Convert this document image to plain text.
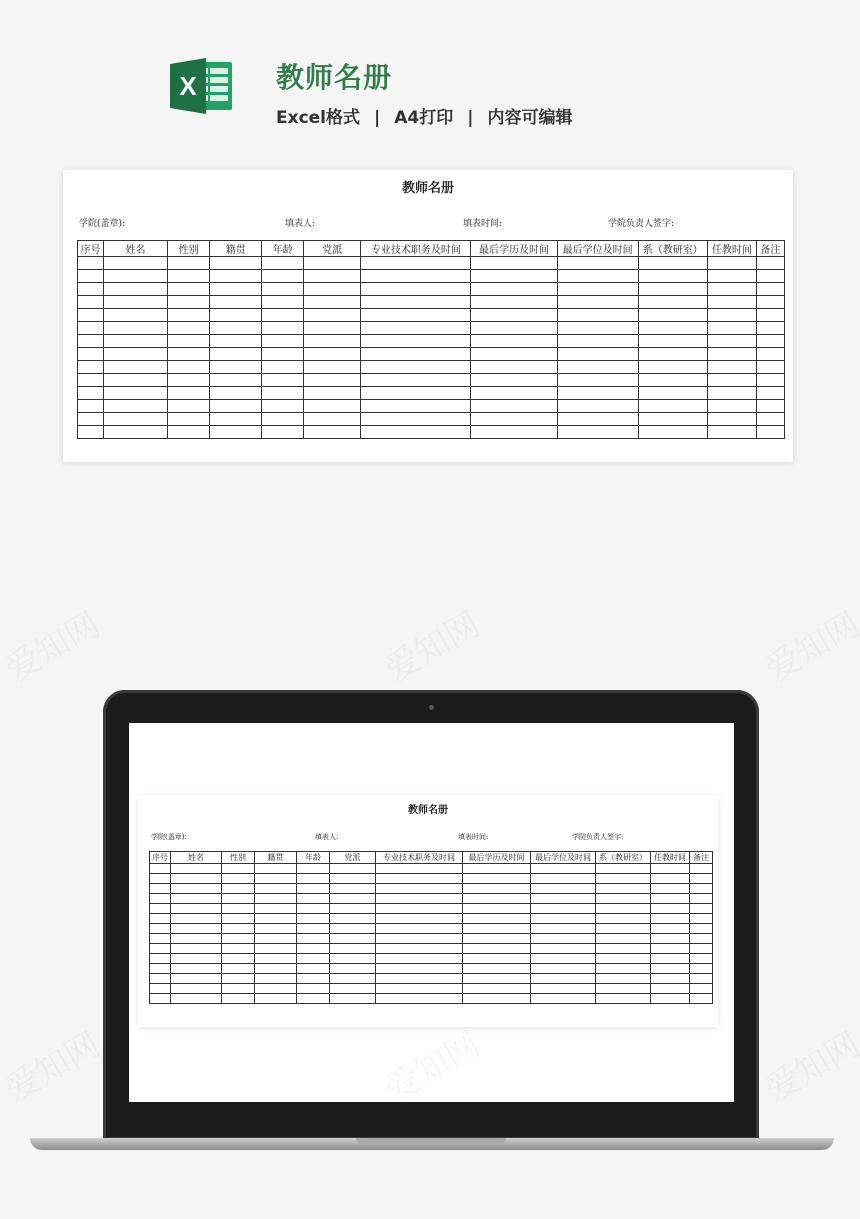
X	教师名册
Excel格式 | A4打印 | 内容可编辑
教师名册
学院(盖章):	填表人:	填表时间:	学院负责人签字:
序号	姓名	性别	籍贯	年龄	党派	专业技术职务及时间	最后学历及时间	最后学位及时间	系（教研室）	任教时间	备注

教师名册
学院(盖章):	填表人:	填表时间:	学院负责人签字:
序号	姓名	性别	籍贯	年龄	党派	专业技术职务及时间	最后学历及时间	最后学位及时间	系（教研室）	任教时间	备注
